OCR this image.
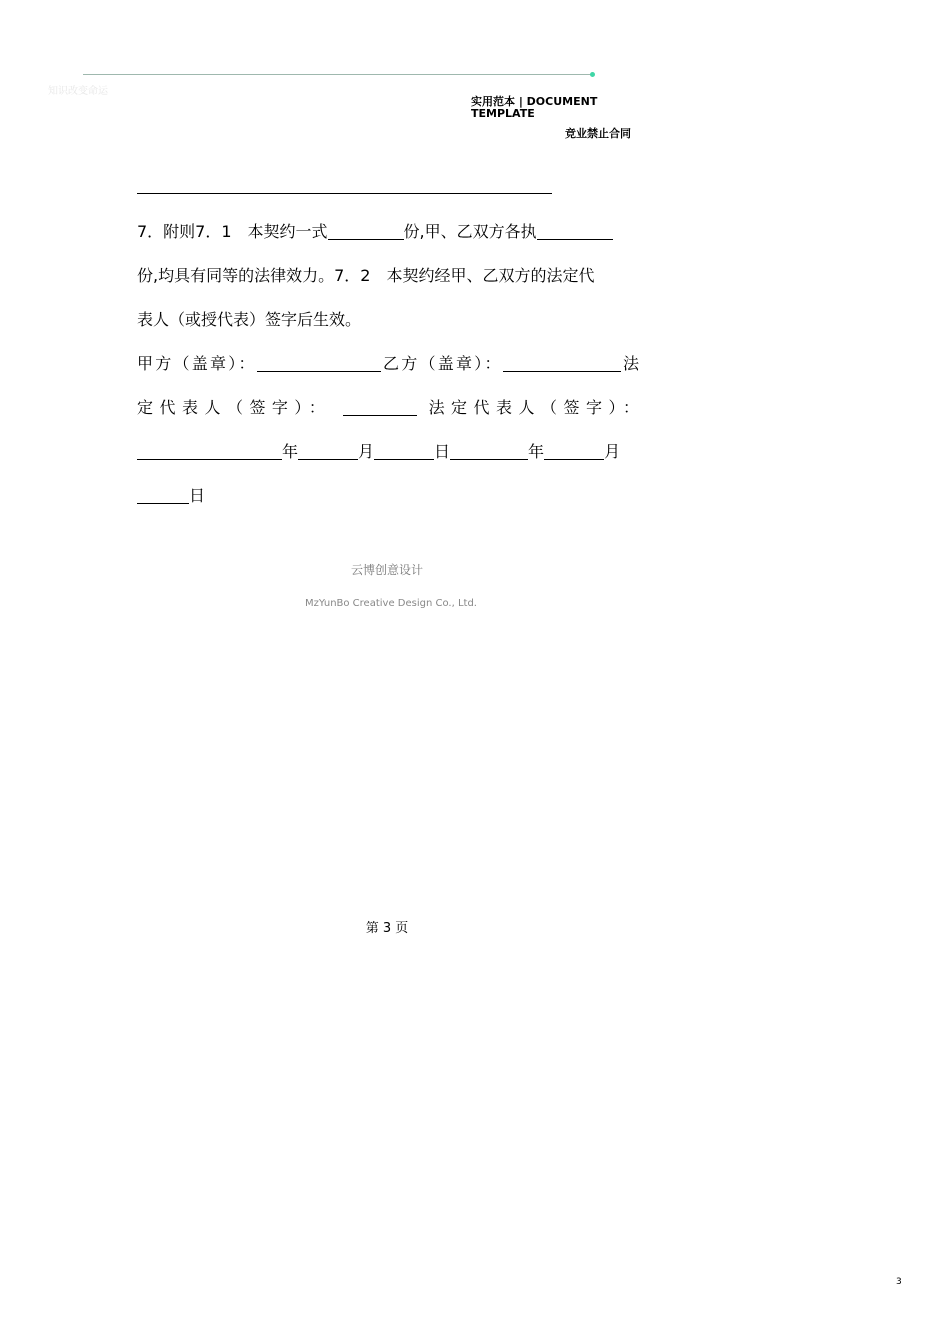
知识改变命运
实用范本 | DOCUMENT TEMPLATE
竞业禁止合同
7．附则7．1　本契约一式	份,甲、乙双方各执
份,均具有同等的法律效力。7．2　本契约经甲、乙双方的法定代
表人（或授代表）签字后生效。
甲方（盖章）：	乙方（盖章）：	法
定代表人（签字）：	法定代表人（签字）：
年	月	日	年	月
日
云博创意设计
MzYunBo Creative Design Co., Ltd.
第 3 页
3
